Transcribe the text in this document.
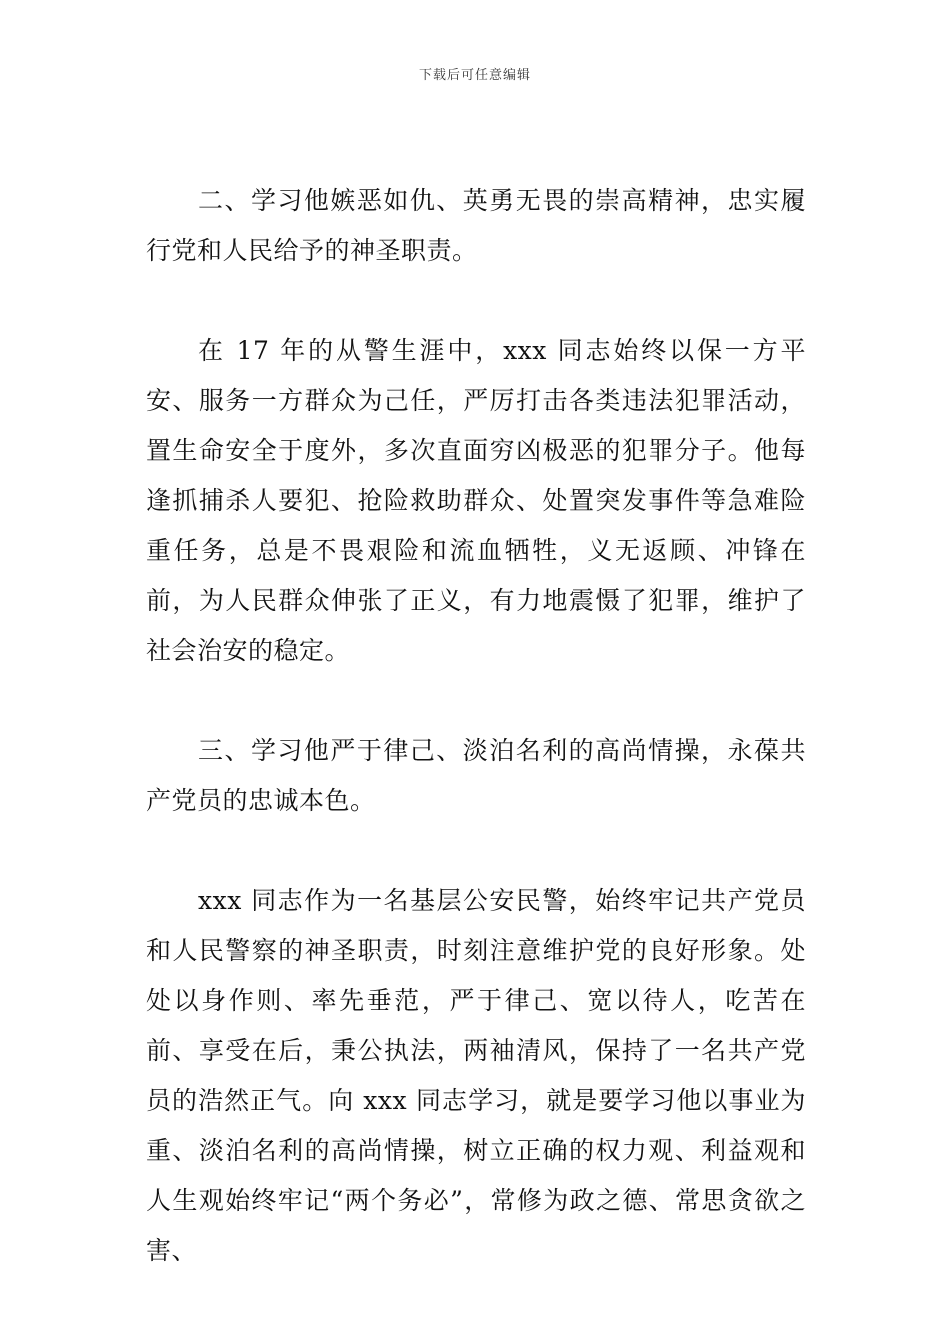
下载后可任意编辑

二、学习他嫉恶如仇、英勇无畏的崇高精神，忠实履行党和人民给予的神圣职责。

在 17 年的从警生涯中，xxx 同志始终以保一方平安、服务一方群众为己任，严厉打击各类违法犯罪活动，置生命安全于度外，多次直面穷凶极恶的犯罪分子。他每逢抓捕杀人要犯、抢险救助群众、处置突发事件等急难险重任务，总是不畏艰险和流血牺牲，义无返顾、冲锋在前，为人民群众伸张了正义，有力地震慑了犯罪，维护了社会治安的稳定。

三、学习他严于律己、淡泊名利的高尚情操，永葆共产党员的忠诚本色。

xxx 同志作为一名基层公安民警，始终牢记共产党员和人民警察的神圣职责，时刻注意维护党的良好形象。处处以身作则、率先垂范，严于律己、宽以待人，吃苦在前、享受在后，秉公执法，两袖清风，保持了一名共产党员的浩然正气。向 xxx 同志学习，就是要学习他以事业为重、淡泊名利的高尚情操，树立正确的权力观、利益观和人生观始终牢记“两个务必”，常修为政之德、常思贪欲之害、
